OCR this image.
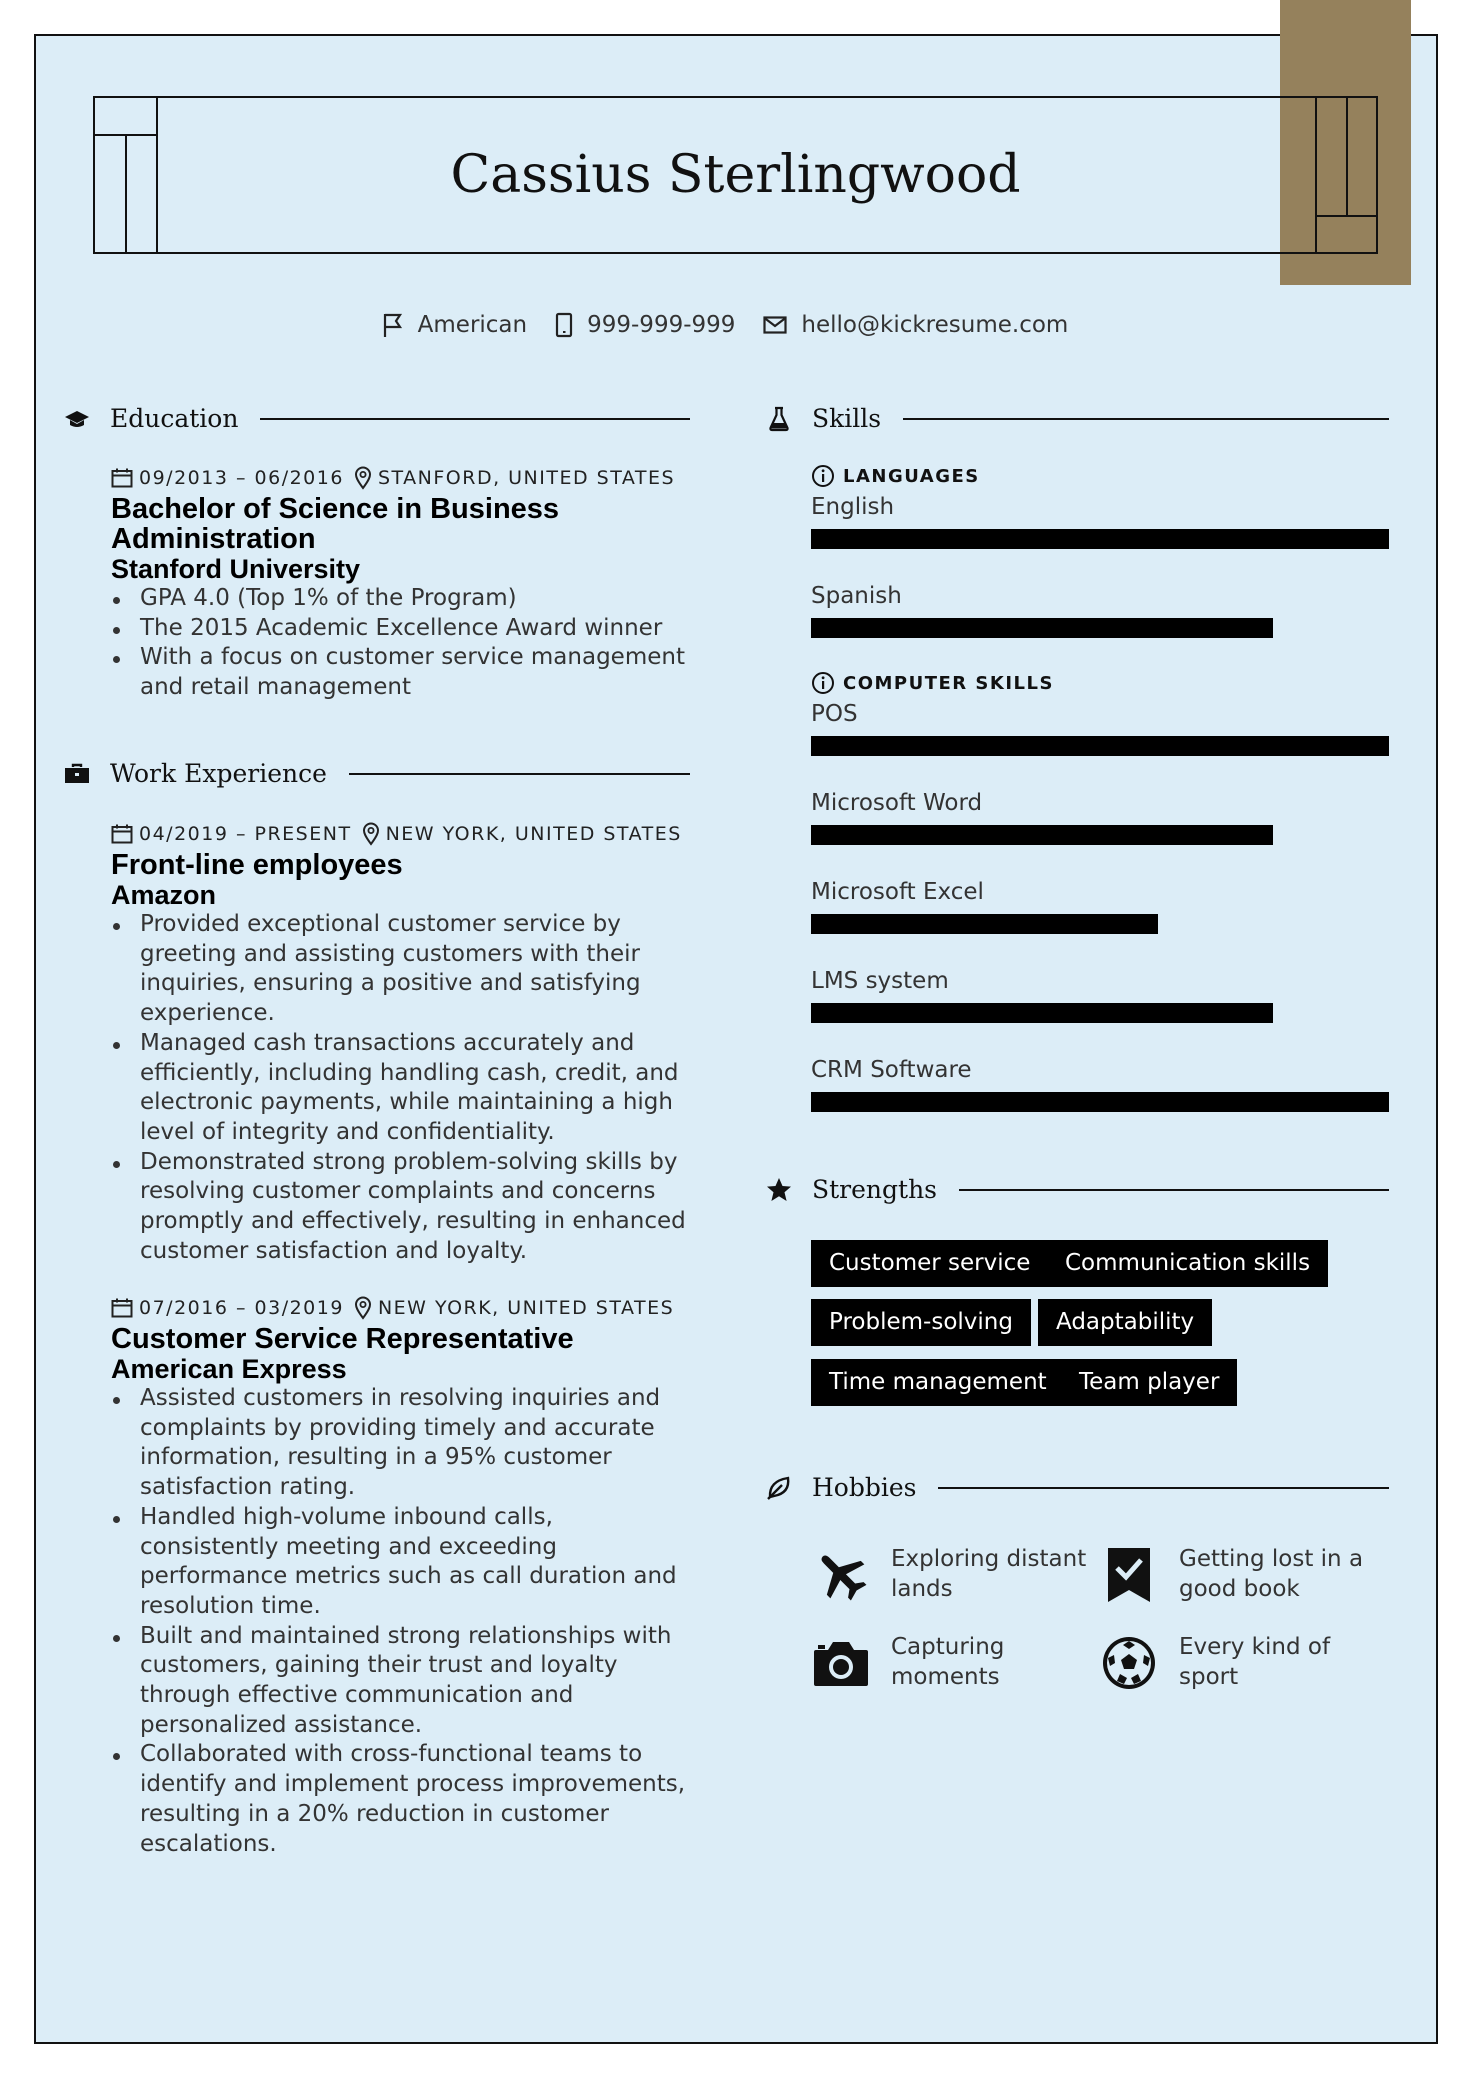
Cassius Sterlingwood
American	999-999-999	hello@kickresume.com
Education
09/2013 – 06/2016 STANFORD, UNITED STATES
Bachelor of Science in Business Administration
Stanford University
GPA 4.0 (Top 1% of the Program)
The 2015 Academic Excellence Award winner
With a focus on customer service management and retail management
Work Experience
04/2019 – PRESENT NEW YORK, UNITED STATES
Front-line employees
Amazon
Provided exceptional customer service by greeting and assisting customers with their inquiries, ensuring a positive and satisfying experience.
Managed cash transactions accurately and efficiently, including handling cash, credit, and electronic payments, while maintaining a high level of integrity and confidentiality.
Demonstrated strong problem-solving skills by resolving customer complaints and concerns promptly and effectively, resulting in enhanced customer satisfaction and loyalty.
07/2016 – 03/2019 NEW YORK, UNITED STATES
Customer Service Representative
American Express
Assisted customers in resolving inquiries and complaints by providing timely and accurate information, resulting in a 95% customer satisfaction rating.
Handled high-volume inbound calls, consistently meeting and exceeding performance metrics such as call duration and resolution time.
Built and maintained strong relationships with customers, gaining their trust and loyalty through effective communication and personalized assistance.
Collaborated with cross-functional teams to identify and implement process improvements, resulting in a 20% reduction in customer escalations.
Skills
LANGUAGES
English
Spanish
COMPUTER SKILLS
POS
Microsoft Word
Microsoft Excel
LMS system
CRM Software
Strengths
Customer service	Communication skills
Problem-solving	Adaptability
Time management	Team player
Hobbies
Exploring distant lands
Getting lost in a good book
Capturing moments
Every kind of sport
